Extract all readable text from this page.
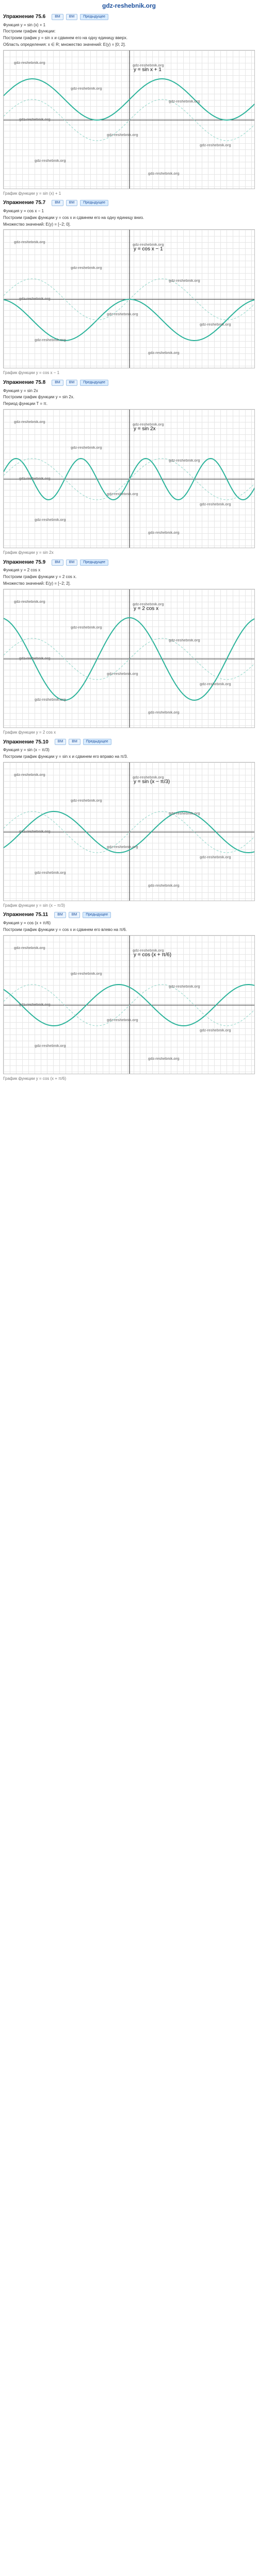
gdz-reshebnik.org
Упражнение 75.6	ВМ	ВМ	Предыдущее
Функция y = sin (x) + 1
Построим график функции:
Построим график y = sin x и сдвинем его на одну единицу вверх.
Область определения: x ∈ R; множество значений: E(y) = [0; 2].
y = sin x + 1
gdz-reshebnik.org
gdz-reshebnik.org
gdz-reshebnik.org
gdz-reshebnik.org
gdz-reshebnik.org
gdz-reshebnik.org
gdz-reshebnik.org
gdz-reshebnik.org
gdz-reshebnik.org
График функции y = sin (x) + 1
Упражнение 75.7	ВМ	ВМ	Предыдущее
Функция y = cos x − 1
Построим график функции y = cos x и сдвинем его на одну единицу вниз.
Множество значений: E(y) = [−2; 0].
y = cos x − 1
gdz-reshebnik.org
gdz-reshebnik.org
gdz-reshebnik.org
gdz-reshebnik.org
gdz-reshebnik.org
gdz-reshebnik.org
gdz-reshebnik.org
gdz-reshebnik.org
gdz-reshebnik.org
График функции y = cos x − 1
Упражнение 75.8	ВМ	ВМ	Предыдущее
Функция y = sin 2x
Построим график функции y = sin 2x.
Период функции T = π.
y = sin 2x
gdz-reshebnik.org
gdz-reshebnik.org
gdz-reshebnik.org
gdz-reshebnik.org
gdz-reshebnik.org
gdz-reshebnik.org
gdz-reshebnik.org
gdz-reshebnik.org
gdz-reshebnik.org
График функции y = sin 2x
Упражнение 75.9	ВМ	ВМ	Предыдущее
Функция y = 2 cos x
Построим график функции y = 2 cos x.
Множество значений: E(y) = [−2; 2].
y = 2 cos x
gdz-reshebnik.org
gdz-reshebnik.org
gdz-reshebnik.org
gdz-reshebnik.org
gdz-reshebnik.org
gdz-reshebnik.org
gdz-reshebnik.org
gdz-reshebnik.org
gdz-reshebnik.org
График функции y = 2 cos x
Упражнение 75.10	ВМ	ВМ	Предыдущее
Функция y = sin (x − π/3)
Построим график функции y = sin x и сдвинем его вправо на π/3.
y = sin (x − π/3)
gdz-reshebnik.org
gdz-reshebnik.org
gdz-reshebnik.org
gdz-reshebnik.org
gdz-reshebnik.org
gdz-reshebnik.org
gdz-reshebnik.org
gdz-reshebnik.org
gdz-reshebnik.org
График функции y = sin (x − π/3)
Упражнение 75.11	ВМ	ВМ	Предыдущее
Функция y = cos (x + π/6)
Построим график функции y = cos x и сдвинем его влево на π/6.
y = cos (x + π/6)
gdz-reshebnik.org
gdz-reshebnik.org
gdz-reshebnik.org
gdz-reshebnik.org
gdz-reshebnik.org
gdz-reshebnik.org
gdz-reshebnik.org
gdz-reshebnik.org
gdz-reshebnik.org
График функции y = cos (x + π/6)
